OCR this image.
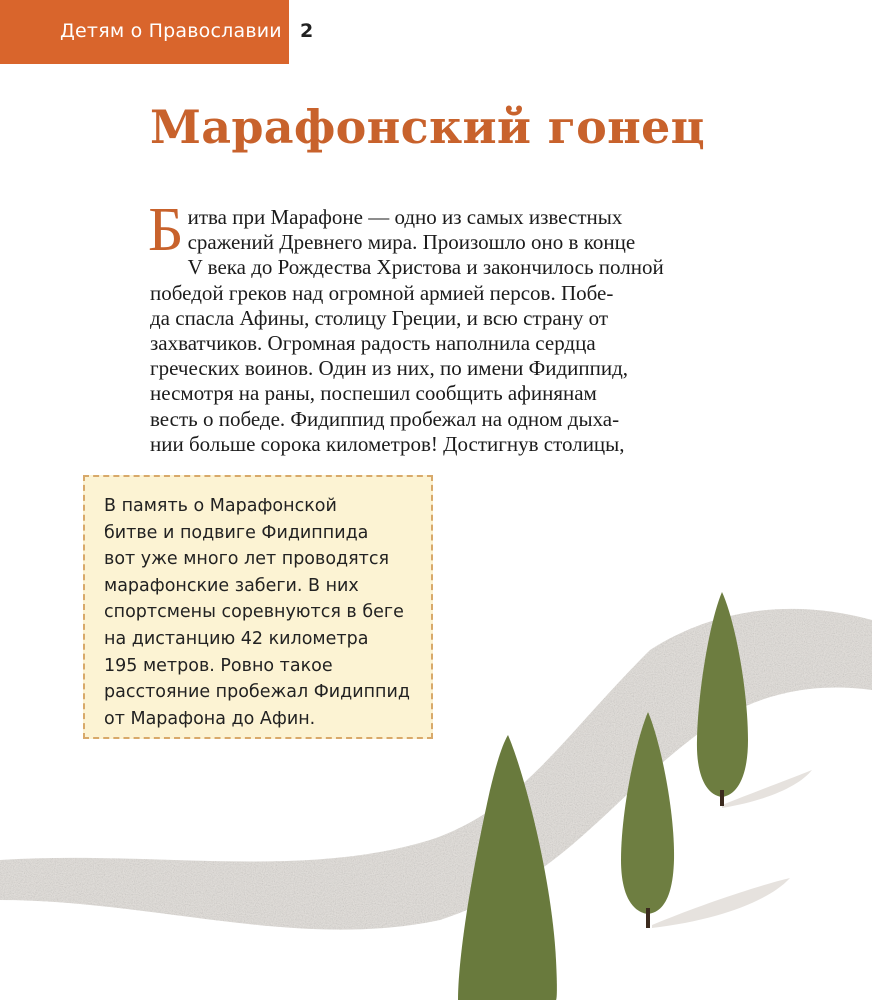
Детям о Православии 2
Марафонский гонец
Б итва при Марафоне — одно из самых известных
сражений Древнего мира. Произошло оно в конце
V века до Рождества Христова и закончилось полной
победой греков над огромной армией персов. Побе-
да спасла Афины, столицу Греции, и всю страну от
захватчиков. Огромная радость наполнила сердца
греческих воинов. Один из них, по имени Фидиппид,
несмотря на раны, поспешил сообщить афинянам
весть о победе. Фидиппид пробежал на одном дыха-
нии больше сорока километров! Достигнув столицы,
В память о Марафонской
битве и подвиге Фидиппида
вот уже много лет проводятся
марафонские забеги. В них
спортсмены соревнуются в беге
на дистанцию 42 километра
195 метров. Ровно такое
расстояние пробежал Фидиппид
от Марафона до Афин.
